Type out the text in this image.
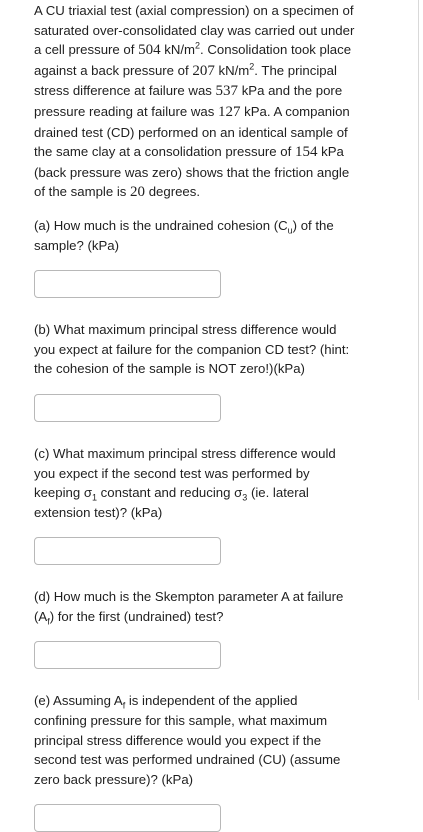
A CU triaxial test (axial compression) on a specimen of
saturated over-consolidated clay was carried out under
a cell pressure of 504 $kN/m^2$. Consolidation took place
against a back pressure of 207 $kN/m^2$. The principal
stress difference at failure was 537 kPa and the pore
pressure reading at failure was 127 kPa. A companion
drained test (CD) performed on an identical sample of
the same clay at a consolidation pressure of 154 kPa
(back pressure was zero) shows that the friction angle
of the sample is 20 degrees.
(a) How much is the undrained cohesion $(C_u)$ of the
sample? (kPa)
(b) What maximum principal stress difference would
you expect at failure for the companion CD test? (hint:
the cohesion of the sample is NOT zero!)(kPa)
(c) What maximum principal stress difference would
you expect if the second test was performed by
keeping $\sigma_1$ constant and reducing $\sigma_3$ (ie. lateral
extension test)? (kPa)
(d) How much is the Skempton parameter A at failure
$(A_f)$ for the first (undrained) test?
(e) Assuming $A_f$ is independent of the applied
confining pressure for this sample, what maximum
principal stress difference would you expect if the
second test was performed undrained (CU) (assume
zero back pressure)? (kPa)
